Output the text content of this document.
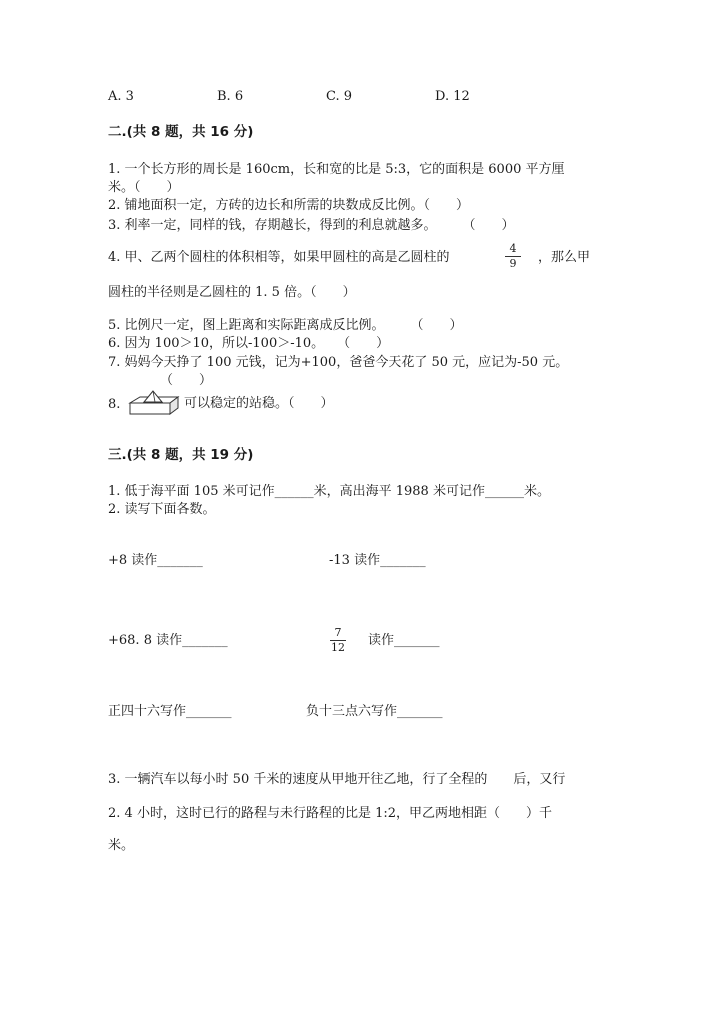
A. 3	B. 6	C. 9	D. 12
二.(共 8 题，共 16 分)
1. 一个长方形的周长是 160cm，长和宽的比是 5:3，它的面积是 6000 平方厘
米。（　　）
2. 铺地面积一定，方砖的边长和所需的块数成反比例。（　　）
3. 利率一定，同样的钱，存期越长，得到的利息就越多。　　　（　　）
4. 甲、乙两个圆柱的体积相等，如果甲圆柱的高是乙圆柱的
4
9	，那么甲
圆柱的半径则是乙圆柱的 1. 5 倍。（　　）
5. 比例尺一定，图上距离和实际距离成反比例。　　　（　　）
6. 因为 100＞10，所以-100＞-10。　　（　　）
7. 妈妈今天挣了 100 元钱，记为+100，爸爸今天花了 50 元，应记为-50 元。
（　　）
8.	可以稳定的站稳。（　　）
三.(共 8 题，共 19 分)
1. 低于海平面 105 米可记作______米，高出海平 1988 米可记作______米。
2. 读写下面各数。
+8 读作_______	-13 读作_______
+68. 8 读作_______
7
12 读作_______
正四十六写作_______	负十三点六写作_______
3. 一辆汽车以每小时 50 千米的速度从甲地开往乙地，行了全程的　　后，又行
2. 4 小时，这时已行的路程与未行路程的比是 1:2，甲乙两地相距（　　）千
米。
